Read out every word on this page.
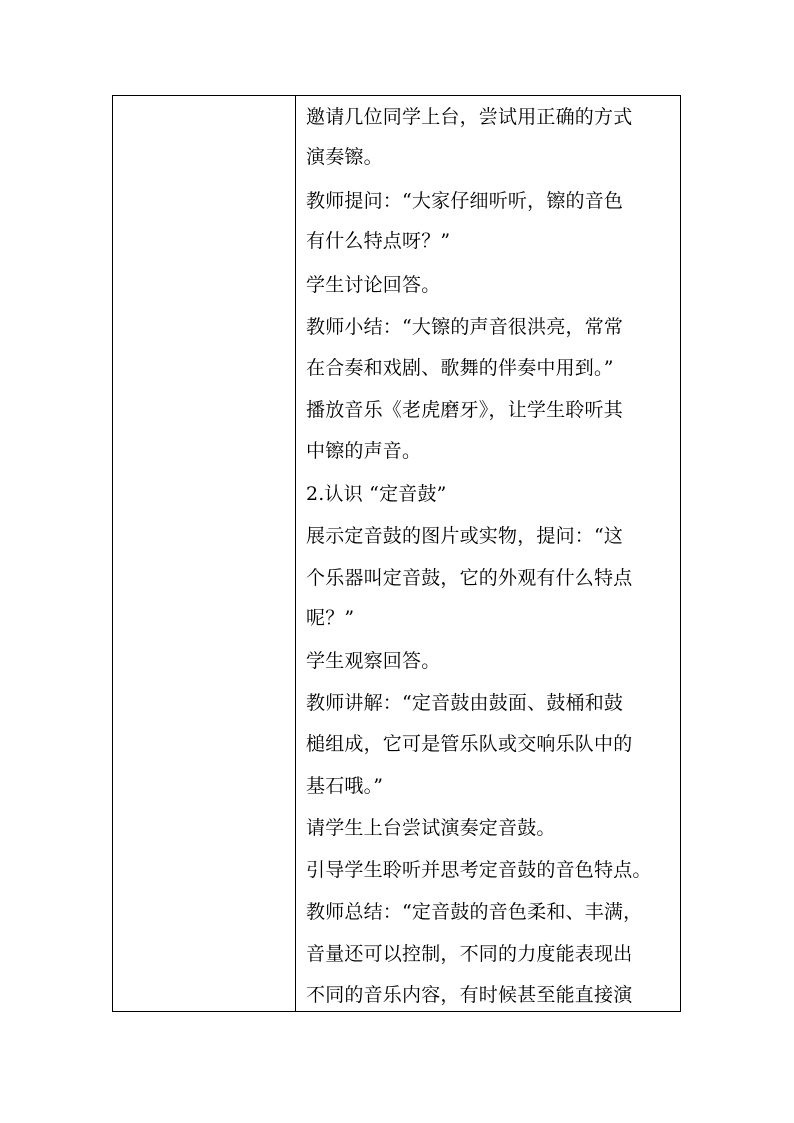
邀请几位同学上台，尝试用正确的方式
演奏镲。
教师提问：“大家仔细听听，镲的音色
有什么特点呀？”
学生讨论回答。
教师小结：“大镲的声音很洪亮，常常
在合奏和戏剧、歌舞的伴奏中用到。”
播放音乐《老虎磨牙》，让学生聆听其
中镲的声音。
2.认识 “定音鼓”
展示定音鼓的图片或实物，提问：“这
个乐器叫定音鼓，它的外观有什么特点
呢？”
学生观察回答。
教师讲解：“定音鼓由鼓面、鼓桶和鼓
槌组成，它可是管乐队或交响乐队中的
基石哦。”
请学生上台尝试演奏定音鼓。
引导学生聆听并思考定音鼓的音色特点。
教师总结：“定音鼓的音色柔和、丰满，
音量还可以控制，不同的力度能表现出
不同的音乐内容，有时候甚至能直接演
